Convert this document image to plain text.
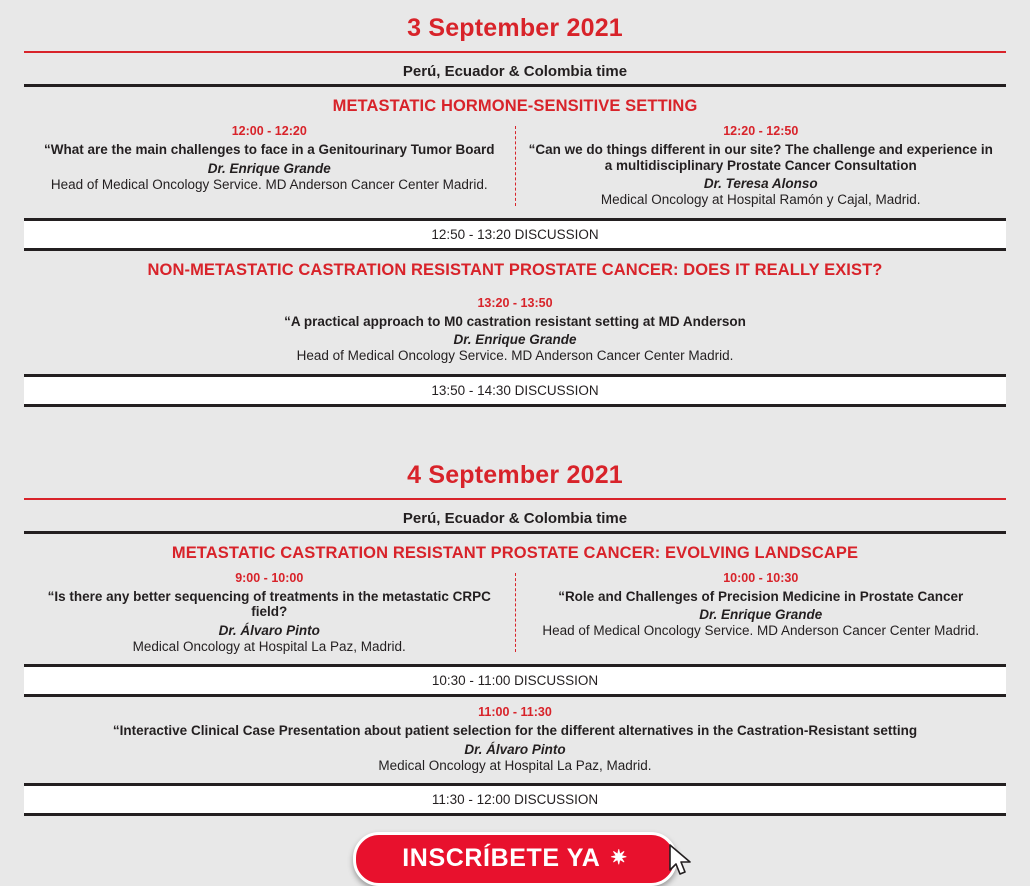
3 September 2021
Perú, Ecuador & Colombia time
METASTATIC HORMONE-SENSITIVE SETTING
12:00 - 12:20
“What are the main challenges to face in a Genitourinary Tumor Board
Dr. Enrique Grande
Head of Medical Oncology Service. MD Anderson Cancer Center Madrid.
12:20 - 12:50
“Can we do things different in our site? The challenge and experience in a multidisciplinary Prostate Cancer Consultation
Dr. Teresa Alonso
Medical Oncology at Hospital Ramón y Cajal, Madrid.
12:50 - 13:20 DISCUSSION
NON-METASTATIC CASTRATION RESISTANT PROSTATE CANCER: DOES IT REALLY EXIST?
13:20 - 13:50
“A practical approach to M0 castration resistant setting at MD Anderson
Dr. Enrique Grande
Head of Medical Oncology Service. MD Anderson Cancer Center Madrid.
13:50 - 14:30 DISCUSSION
4 September 2021
Perú, Ecuador & Colombia time
METASTATIC CASTRATION RESISTANT PROSTATE CANCER: EVOLVING LANDSCAPE
9:00 - 10:00
“Is there any better sequencing of treatments in the metastatic CRPC field?
Dr. Álvaro Pinto
Medical Oncology at Hospital La Paz, Madrid.
10:00 - 10:30
“Role and Challenges of Precision Medicine in Prostate Cancer
Dr. Enrique Grande
Head of Medical Oncology Service. MD Anderson Cancer Center Madrid.
10:30 - 11:00 DISCUSSION
11:00 - 11:30
“Interactive Clinical Case Presentation about patient selection for the different alternatives in the Castration-Resistant setting
Dr. Álvaro Pinto
Medical Oncology at Hospital La Paz, Madrid.
11:30 - 12:00 DISCUSSION
INSCRÍBETE YA ✷
